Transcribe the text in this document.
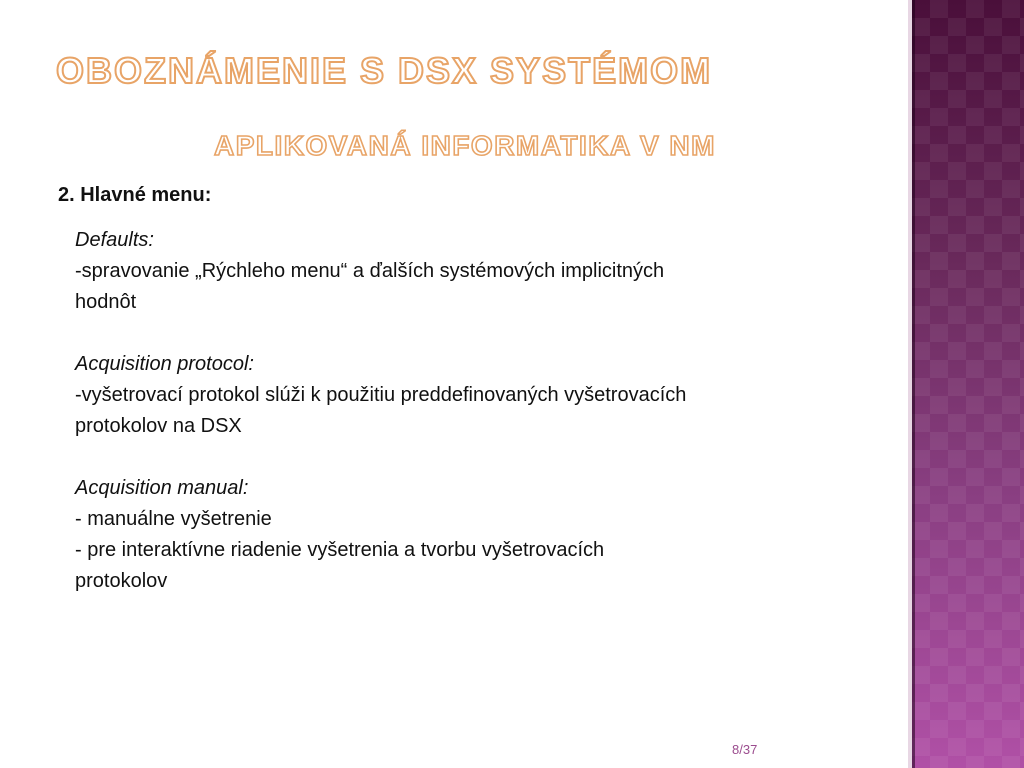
OBOZNÁMENIE S DSX SYSTÉMOM
APLIKOVANÁ INFORMATIKA V NM
2. Hlavné menu:
Defaults:
-spravovanie „Rýchleho menu“ a ďalších systémových implicitných
hodnôt
Acquisition protocol:
-vyšetrovací protokol slúži k použitiu preddefinovaných vyšetrovacích
protokolov na DSX
Acquisition manual:
- manuálne vyšetrenie
- pre interaktívne riadenie vyšetrenia a tvorbu vyšetrovacích
protokolov
8/37
